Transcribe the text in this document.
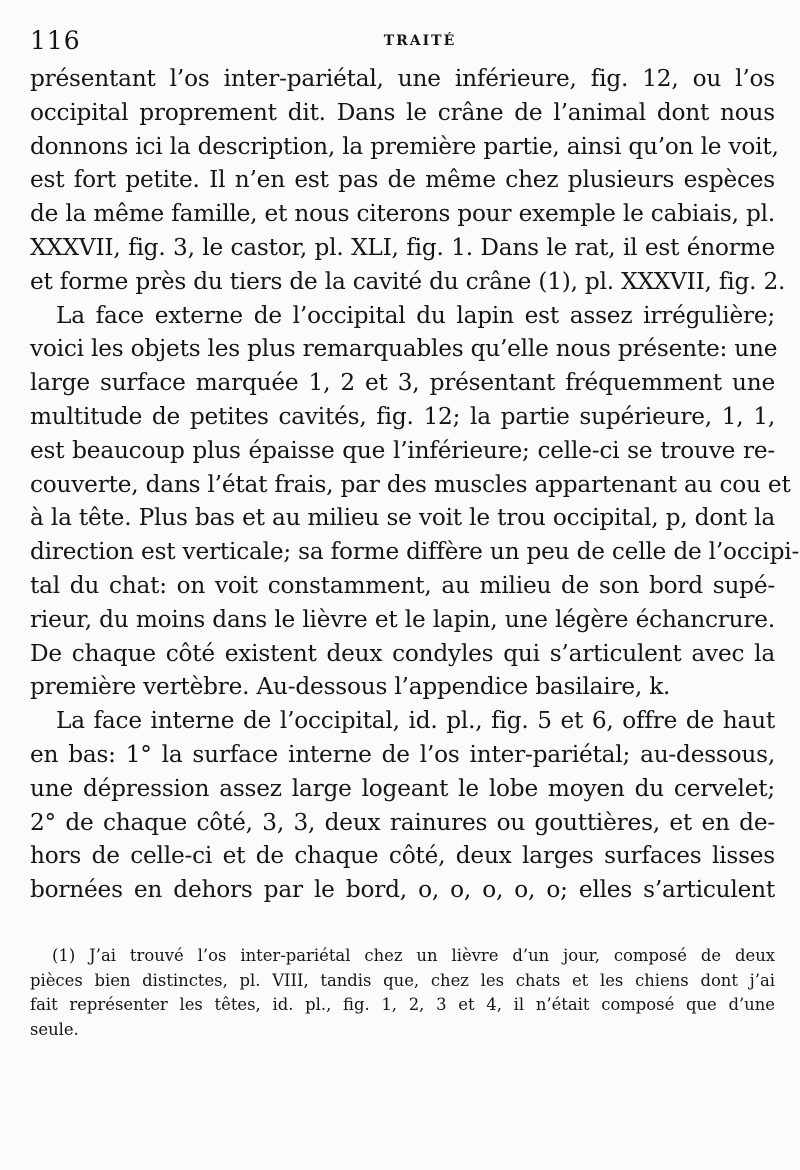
116	TRAITÉ
présentant l’os inter-pariétal, une inférieure, fig. 12, ou l’os
occipital proprement dit. Dans le crâne de l’animal dont nous
donnons ici la description, la première partie, ainsi qu’on le voit,
est fort petite. Il n’en est pas de même chez plusieurs espèces
de la même famille, et nous citerons pour exemple le cabiais, pl.
XXXVII, fig. 3, le castor, pl. XLI, fig. 1. Dans le rat, il est énorme
et forme près du tiers de la cavité du crâne (1), pl. XXXVII, fig. 2.
La face externe de l’occipital du lapin est assez irrégulière;
voici les objets les plus remarquables qu’elle nous présente: une
large surface marquée 1, 2 et 3, présentant fréquemment une
multitude de petites cavités, fig. 12; la partie supérieure, 1, 1,
est beaucoup plus épaisse que l’inférieure; celle-ci se trouve re-
couverte, dans l’état frais, par des muscles appartenant au cou et
à la tête. Plus bas et au milieu se voit le trou occipital, p, dont la
direction est verticale; sa forme diffère un peu de celle de l’occipi-
tal du chat: on voit constamment, au milieu de son bord supé-
rieur, du moins dans le lièvre et le lapin, une légère échancrure.
De chaque côté existent deux condyles qui s’articulent avec la
première vertèbre. Au-dessous l’appendice basilaire, k.
La face interne de l’occipital, id. pl., fig. 5 et 6, offre de haut
en bas: 1° la surface interne de l’os inter-pariétal; au-dessous,
une dépression assez large logeant le lobe moyen du cervelet;
2° de chaque côté, 3, 3, deux rainures ou gouttières, et en de-
hors de celle-ci et de chaque côté, deux larges surfaces lisses
bornées en dehors par le bord, o, o, o, o, o; elles s’articulent
(1) J’ai trouvé l’os inter-pariétal chez un lièvre d’un jour, composé de deux
pièces bien distinctes, pl. VIII, tandis que, chez les chats et les chiens dont j’ai
fait représenter les têtes, id. pl., fig. 1, 2, 3 et 4, il n’était composé que d’une
seule.
